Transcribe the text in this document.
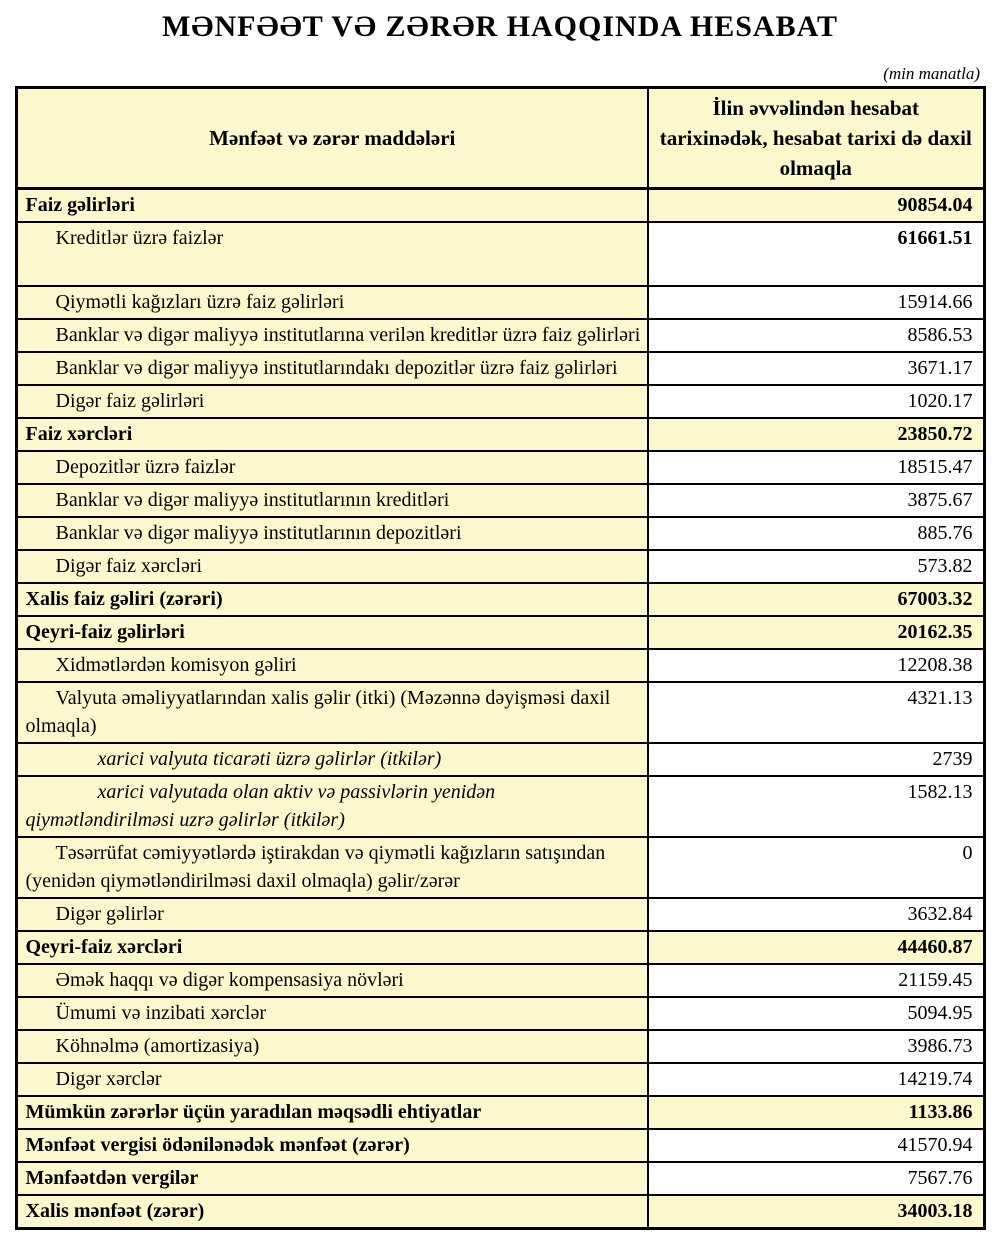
MƏNFƏƏT VƏ ZƏRƏR HAQQINDA HESABAT
(min manatla)
Mənfəət və zərər maddələri	İlin əvvəlindən hesabat tarixinədək, hesabat tarixi də daxil olmaqla
Faiz gəlirləri	90854.04
Kreditlər üzrə faizlər	61661.51
Qiymətli kağızları üzrə faiz gəlirləri	15914.66
Banklar və digər maliyyə institutlarına verilən kreditlər üzrə faiz gəlirləri	8586.53
Banklar və digər maliyyə institutlarındakı depozitlər üzrə faiz gəlirləri	3671.17
Digər faiz gəlirləri	1020.17
Faiz xərcləri	23850.72
Depozitlər üzrə faizlər	18515.47
Banklar və digər maliyyə institutlarının kreditləri	3875.67
Banklar və digər maliyyə institutlarının depozitləri	885.76
Digər faiz xərcləri	573.82
Xalis faiz gəliri (zərəri)	67003.32
Qeyri-faiz gəlirləri	20162.35
Xidmətlərdən komisyon gəliri	12208.38
Valyuta əməliyyatlarından xalis gəlir (itki) (Məzənnə dəyişməsi daxil olmaqla)	4321.13
xarici valyuta ticarəti üzrə gəlirlər (itkilər)	2739
xarici valyutada olan aktiv və passivlərin yenidən qiymətləndirilməsi uzrə gəlirlər (itkilər)	1582.13
Təsərrüfat cəmiyyətlərdə iştirakdan və qiymətli kağızların satışından (yenidən qiymətləndirilməsi daxil olmaqla) gəlir/zərər	0
Digər gəlirlər	3632.84
Qeyri-faiz xərcləri	44460.87
Əmək haqqı və digər kompensasiya növləri	21159.45
Ümumi və inzibati xərclər	5094.95
Köhnəlmə (amortizasiya)	3986.73
Digər xərclər	14219.74
Mümkün zərərlər üçün yaradılan məqsədli ehtiyatlar	1133.86
Mənfəət vergisi ödənilənədək mənfəət (zərər)	41570.94
Mənfəətdən vergilər	7567.76
Xalis mənfəət (zərər)	34003.18
